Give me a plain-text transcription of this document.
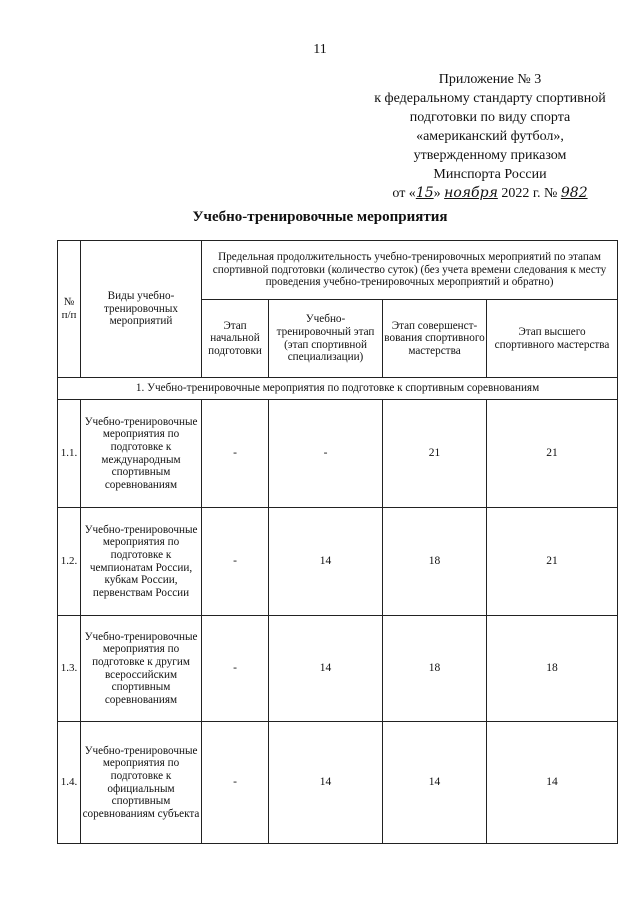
11
Приложение № 3
к федеральному стандарту спортивной
подготовки по виду спорта
«американский футбол»,
утвержденному приказом
Минспорта России
от «15» ноября 2022 г. № 982
Учебно-тренировочные мероприятия
№ п/п	Виды учебно-тренировочных мероприятий	Предельная продолжительность учебно-тренировочных мероприятий по этапам спортивной подготовки (количество суток) (без учета времени следования к месту проведения учебно-тренировочных мероприятий и обратно)			
		Этап начальной подготовки	Учебно-тренировочный этап (этап спортивной специализации)	Этап совершенст-вования спортивного мастерства	Этап высшего спортивного мастерства
1. Учебно-тренировочные мероприятия по подготовке к спортивным соревнованиям					
1.1.	Учебно-тренировочные мероприятия по подготовке к международным спортивным соревнованиям	-	-	21	21
1.2.	Учебно-тренировочные мероприятия по подготовке к чемпионатам России, кубкам России, первенствам России	-	14	18	21
1.3.	Учебно-тренировочные мероприятия по подготовке к другим всероссийским спортивным соревнованиям	-	14	18	18
1.4.	Учебно-тренировочные мероприятия по подготовке к официальным спортивным соревнованиям субъекта	-	14	14	14
